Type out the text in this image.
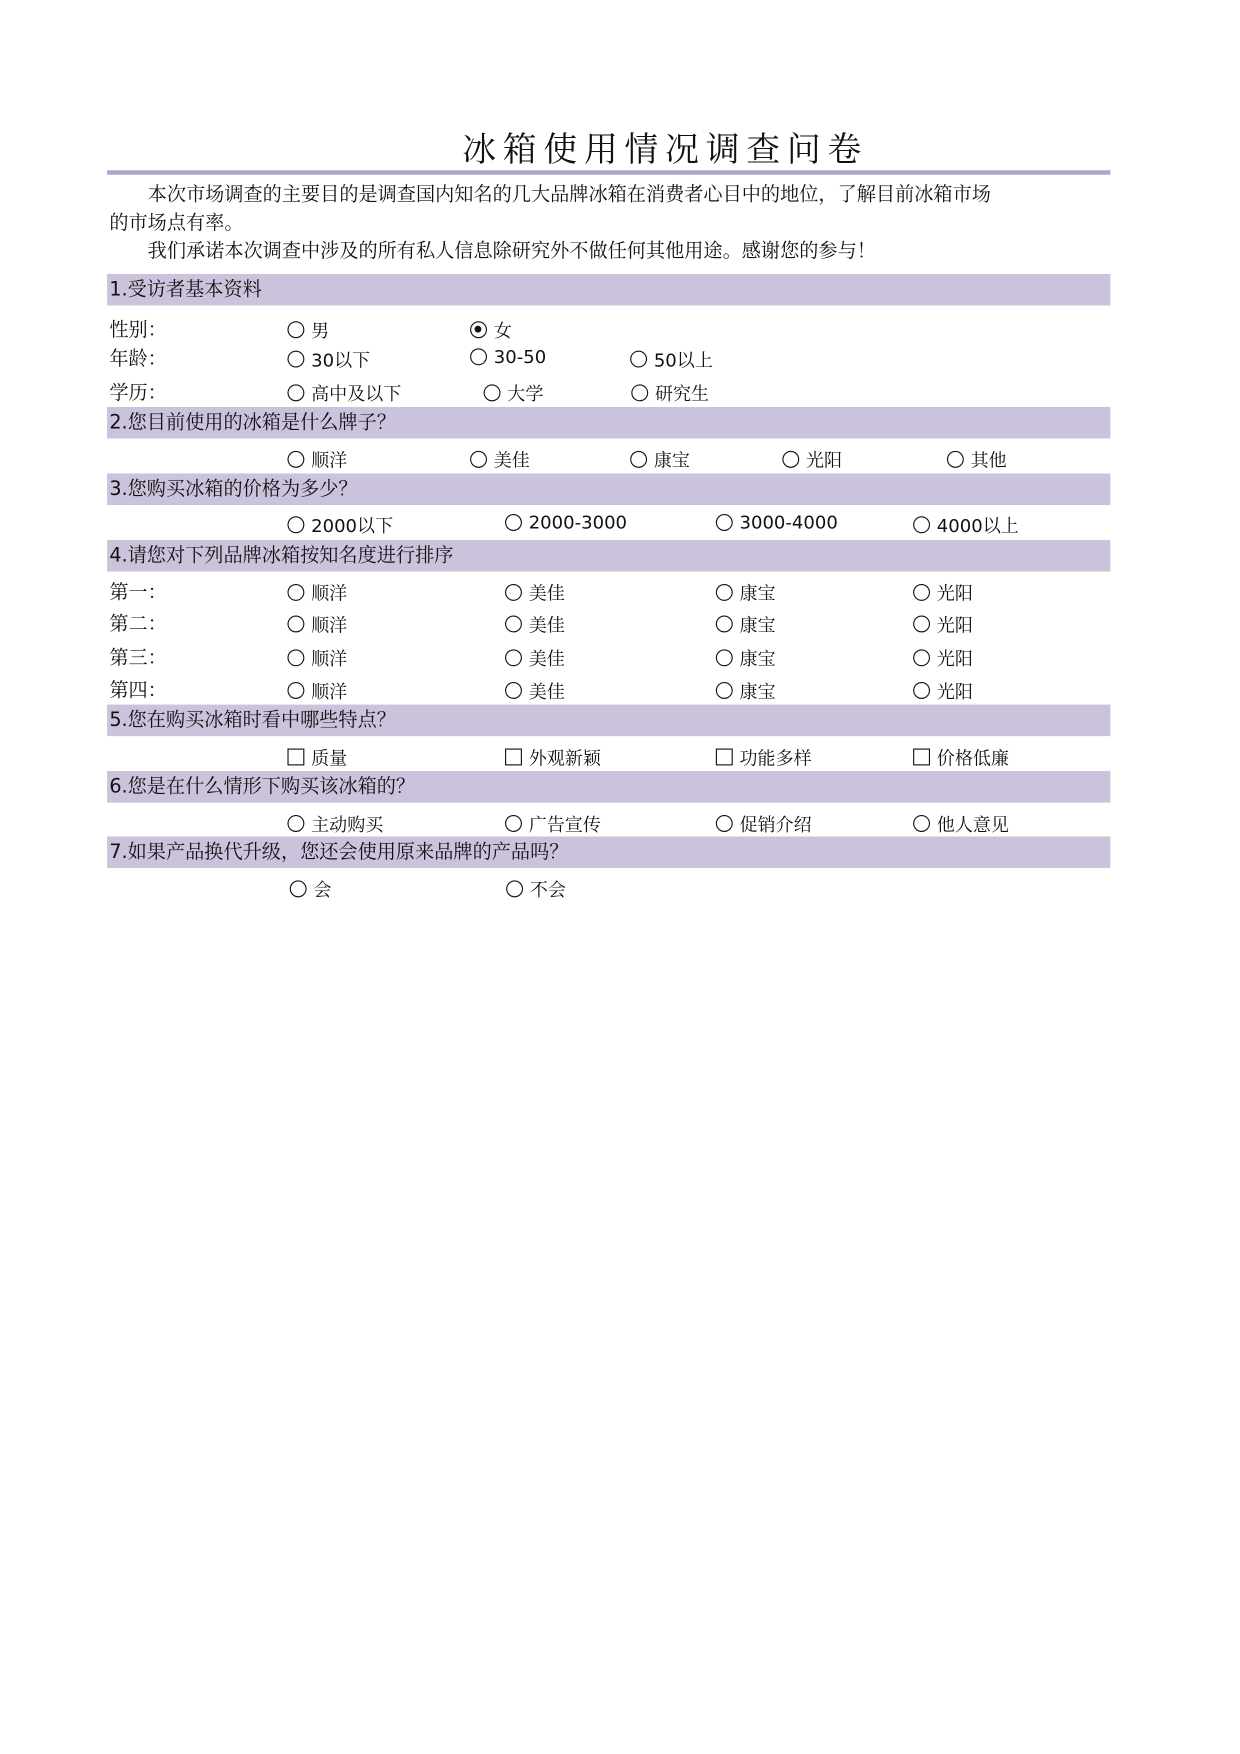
冰箱使用情况调查问卷
　　本次市场调查的主要目的是调查国内知名的几大品牌冰箱在消费者心目中的地位，了解目前冰箱市场
的市场点有率。
　　我们承诺本次调查中涉及的所有私人信息除研究外不做任何其他用途。感谢您的参与！
1.受访者基本资料
性别：	男	女
年龄：	30以下	30-50	50以上
学历：	高中及以下	大学	研究生
2.您目前使用的冰箱是什么牌子？
顺洋	美佳	康宝	光阳	其他
3.您购买冰箱的价格为多少？
2000以下	2000-3000	3000-4000	4000以上
4.请您对下列品牌冰箱按知名度进行排序
第一：	顺洋	美佳	康宝	光阳
第二：	顺洋	美佳	康宝	光阳
第三：	顺洋	美佳	康宝	光阳
第四：	顺洋	美佳	康宝	光阳
5.您在购买冰箱时看中哪些特点？
质量	外观新颖	功能多样	价格低廉
6.您是在什么情形下购买该冰箱的？
主动购买	广告宣传	促销介绍	他人意见
7.如果产品换代升级，您还会使用原来品牌的产品吗？
会	不会
